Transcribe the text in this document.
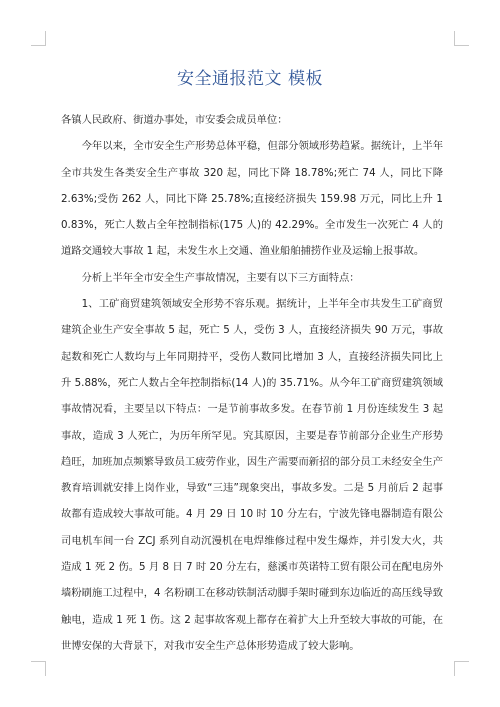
安全通报范文 模板

各镇人民政府、街道办事处，市安委会成员单位：

今年以来，全市安全生产形势总体平稳，但部分领域形势趋紧。据统计，上半年全市共发生各类安全生产事故 320 起，同比下降 18.78%;死亡 74 人，同比下降 2.63%;受伤 262 人，同比下降 25.78%;直接经济损失 159.98 万元，同比上升 10.83%，死亡人数占全年控制指标(175 人)的 42.29%。全市发生一次死亡 4 人的道路交通较大事故 1 起，未发生水上交通、渔业船舶捕捞作业及运输上报事故。

分析上半年全市安全生产事故情况，主要有以下三方面特点：

1、工矿商贸建筑领域安全形势不容乐观。据统计，上半年全市共发生工矿商贸建筑企业生产安全事故 5 起，死亡 5 人，受伤 3 人，直接经济损失 90 万元，事故起数和死亡人数均与上年同期持平，受伤人数同比增加 3 人，直接经济损失同比上升 5.88%，死亡人数占全年控制指标(14 人)的 35.71%。从今年工矿商贸建筑领域事故情况看，主要呈以下特点：一是节前事故多发。在春节前 1 月份连续发生 3 起事故，造成 3 人死亡，为历年所罕见。究其原因，主要是春节前部分企业生产形势趋旺，加班加点频繁导致员工疲劳作业，因生产需要而新招的部分员工未经安全生产教育培训就安排上岗作业，导致“三违”现象突出，事故多发。二是 5 月前后 2 起事故都有造成较大事故可能。4 月 29 日 10 时 10 分左右，宁波先锋电器制造有限公司电机车间一台 ZCJ 系列自动沉漫机在电焊维修过程中发生爆炸，并引发大火，共造成 1 死 2 伤。5 月 8 日 7 时 20 分左右，慈溪市英诺特工贸有限公司在配电房外墙粉刷施工过程中，4 名粉刷工在移动铁制活动脚手架时碰到东边临近的高压线导致触电，造成 1 死 1 伤。这 2 起事故客观上都存在着扩大上升至较大事故的可能，在世博安保的大背景下，对我市安全生产总体形势造成了较大影响。
